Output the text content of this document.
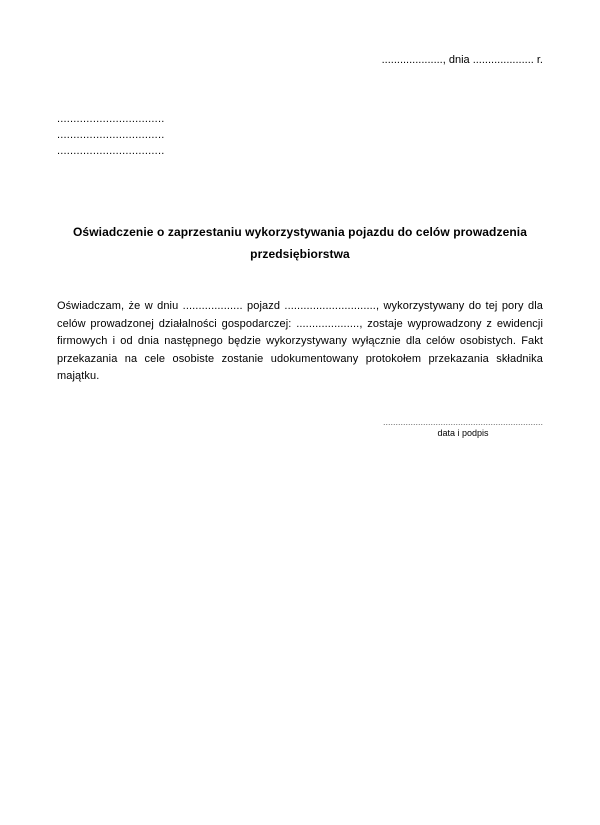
...................., dnia .................... r.
.................................
.................................
.................................
Oświadczenie o zaprzestaniu wykorzystywania pojazdu do celów prowadzenia przedsiębiorstwa

Oświadczam, że w dniu ................... pojazd ............................., wykorzystywany do tej pory dla celów prowadzonej działalności gospodarczej: ...................., zostaje wyprowadzony z ewidencji firmowych i od dnia następnego będzie wykorzystywany wyłącznie dla celów osobistych. Fakt przekazania na cele osobiste zostanie udokumentowany protokołem przekazania składnika majątku.

................................................................
data i podpis
